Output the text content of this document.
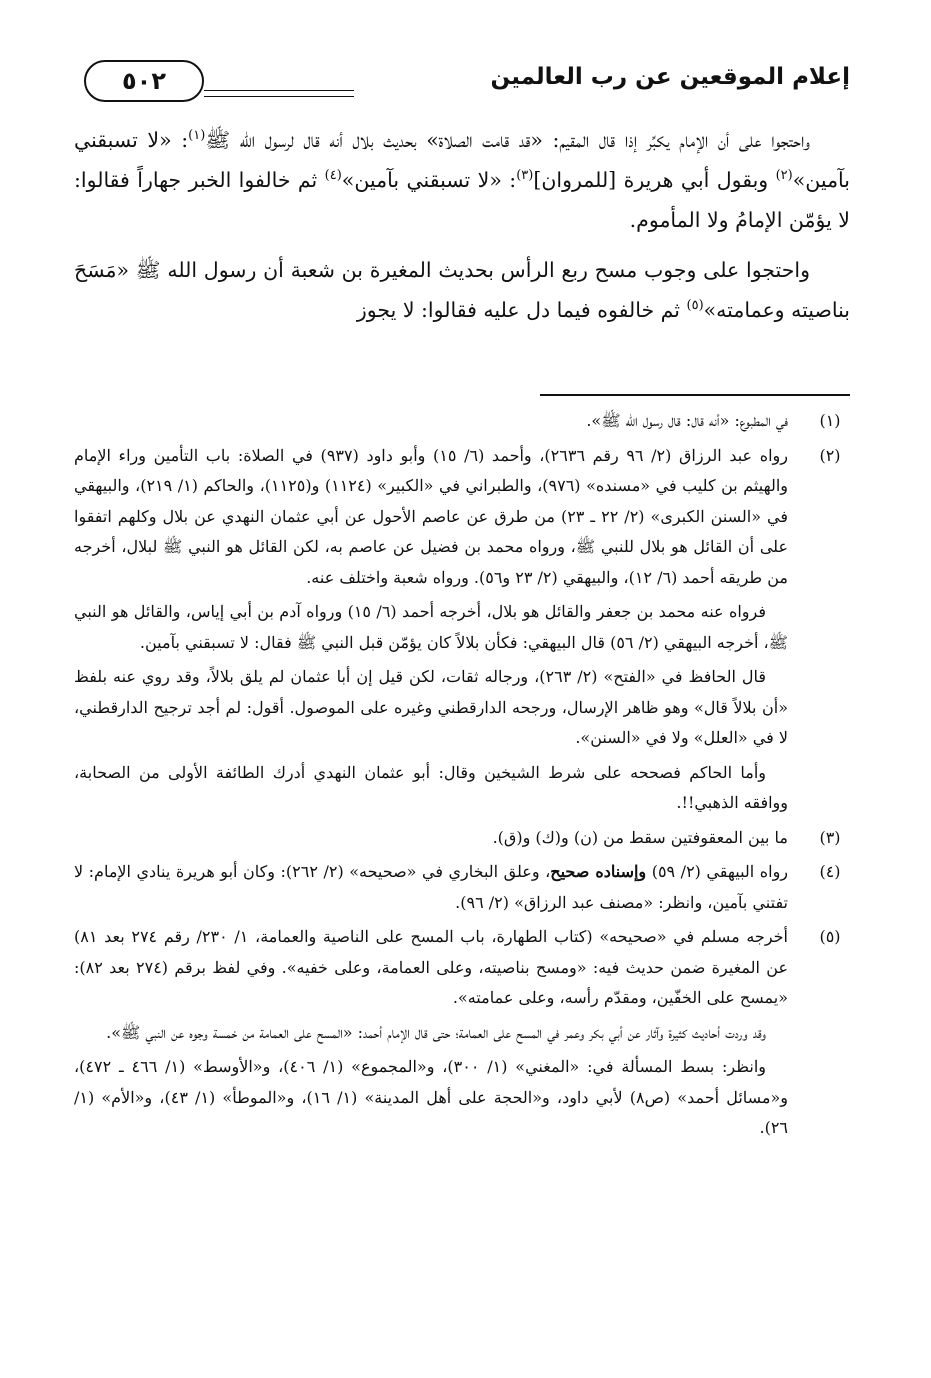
إعلام الموقعين عن رب العالمين
٥٠٢

واحتجوا على أن الإمام يكبِّر إذا قال المقيم: «قد قامت الصلاة» بحديث بلال أنه قال لرسول الله ﷺ$^{(١)}$: «لا تسبقني بآمين»$^{(٢)}$ وبقول أبي هريرة [للمروان]$^{(٣)}$: «لا تسبقني بآمين»$^{(٤)}$ ثم خالفوا الخبر جهاراً فقالوا: لا يؤمّن الإمامُ ولا المأموم.

واحتجوا على وجوب مسح ربع الرأس بحديث المغيرة بن شعبة أن رسول الله ﷺ «مَسَحَ بناصيته وعمامته»$^{(٥)}$ ثم خالفوه فيما دل عليه فقالوا: لا يجوز

(١)

في المطبوع: «أنه قال: قال رسول الله ﷺ».

(٢)

رواه عبد الرزاق (٢/ ٩٦ رقم ٢٦٣٦)، وأحمد (٦/ ١٥) وأبو داود (٩٣٧) في الصلاة: باب التأمين وراء الإمام والهيثم بن كليب في «مسنده» (٩٧٦)، والطبراني في «الكبير» (١١٢٤) و(١١٢٥)، والحاكم (١/ ٢١٩)، والبيهقي في «السنن الكبرى» (٢/ ٢٢ ـ ٢٣) من طرق عن عاصم الأحول عن أبي عثمان النهدي عن بلال وكلهم اتفقوا على أن القائل هو بلال للنبي ﷺ، ورواه محمد بن فضيل عن عاصم به، لكن القائل هو النبي ﷺ لبلال، أخرجه من طريقه أحمد (٦/ ١٢)، والبيهقي (٢/ ٢٣ و٥٦). ورواه شعبة واختلف عنه.

فرواه عنه محمد بن جعفر والقائل هو بلال، أخرجه أحمد (٦/ ١٥) ورواه آدم بن أبي إياس، والقائل هو النبي ﷺ، أخرجه البيهقي (٢/ ٥٦) قال البيهقي: فكأن بلالاً كان يؤمّن قبل النبي ﷺ فقال: لا تسبقني بآمين.

قال الحافظ في «الفتح» (٢/ ٢٦٣)، ورجاله ثقات، لكن قيل إن أبا عثمان لم يلق بلالاً، وقد روي عنه بلفظ «أن بلالاً قال» وهو ظاهر الإرسال، ورجحه الدارقطني وغيره على الموصول. أقول: لم أجد ترجيح الدارقطني، لا في «العلل» ولا في «السنن».

وأما الحاكم فصححه على شرط الشيخين وقال: أبو عثمان النهدي أدرك الطائفة الأولى من الصحابة، ووافقه الذهبي!!.

(٣)

ما بين المعقوفتين سقط من (ن) و(ك) و(ق).

(٤)

رواه البيهقي (٢/ ٥٩) وإسناده صحيح، وعلق البخاري في «صحيحه» (٢/ ٢٦٢): وكان أبو هريرة ينادي الإمام: لا تفتني بآمين، وانظر: «مصنف عبد الرزاق» (٢/ ٩٦).

(٥)

أخرجه مسلم في «صحيحه» (كتاب الطهارة، باب المسح على الناصية والعمامة، ١/ ٢٣٠/ رقم ٢٧٤ بعد ٨١) عن المغيرة ضمن حديث فيه: «ومسح بناصيته، وعلى العمامة، وعلى خفيه». وفي لفظ برقم (٢٧٤ بعد ٨٢): «يمسح على الخفّين، ومقدّم رأسه، وعلى عمامته».

وقد وردت أحاديث كثيرة وآثار عن أبي بكر وعمر في المسح على العمامة؛ حتى قال الإمام أحمد: «المسح على العمامة من خمسة وجوه عن النبي ﷺ».

وانظر: بسط المسألة في: «المغني» (١/ ٣٠٠)، و«المجموع» (١/ ٤٠٦)، و«الأوسط» (١/ ٤٦٦ ـ ٤٧٢)، و«مسائل أحمد» (ص٨) لأبي داود، و«الحجة على أهل المدينة» (١/ ١٦)، و«الموطأ» (١/ ٤٣)، و«الأم» (١/ ٢٦).
